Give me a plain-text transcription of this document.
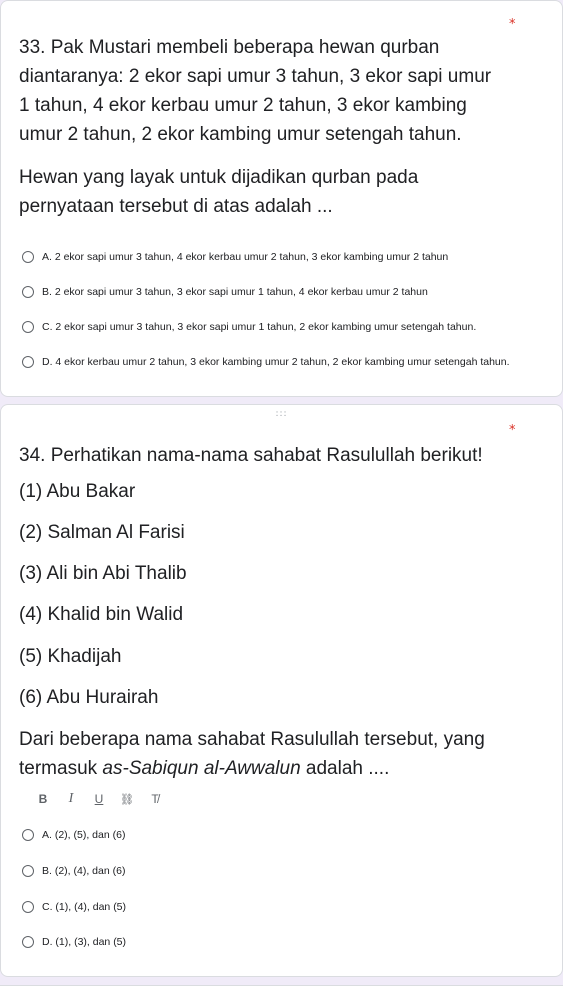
*

33. Pak Mustari membeli beberapa hewan qurban
diantaranya: 2 ekor sapi umur 3 tahun, 3 ekor sapi umur
1 tahun, 4 ekor kerbau umur 2 tahun, 3 ekor kambing
umur 2 tahun, 2 ekor kambing umur setengah tahun.

Hewan yang layak untuk dijadikan qurban pada
pernyataan tersebut di atas adalah ...

A. 2 ekor sapi umur 3 tahun, 4 ekor kerbau umur 2 tahun, 3 ekor kambing umur 2 tahun
B. 2 ekor sapi umur 3 tahun, 3 ekor sapi umur 1 tahun, 4 ekor kerbau umur 2 tahun
C. 2 ekor sapi umur 3 tahun, 3 ekor sapi umur 1 tahun, 2 ekor kambing umur setengah tahun.
D. 4 ekor kerbau umur 2 tahun, 3 ekor kambing umur 2 tahun, 2 ekor kambing umur setengah tahun.
:::
*
34. Perhatikan nama-nama sahabat Rasulullah berikut!
(1) Abu Bakar
(2) Salman Al Farisi
(3) Ali bin Abi Thalib
(4) Khalid bin Walid
(5) Khadijah
(6) Abu Hurairah

Dari beberapa nama sahabat Rasulullah tersebut, yang
termasuk as-Sabiqun al-Awwalun adalah ....

B	I	U	⛓	T̸
A. (2), (5), dan (6)
B. (2), (4), dan (6)
C. (1), (4), dan (5)
D. (1), (3), dan (5)
